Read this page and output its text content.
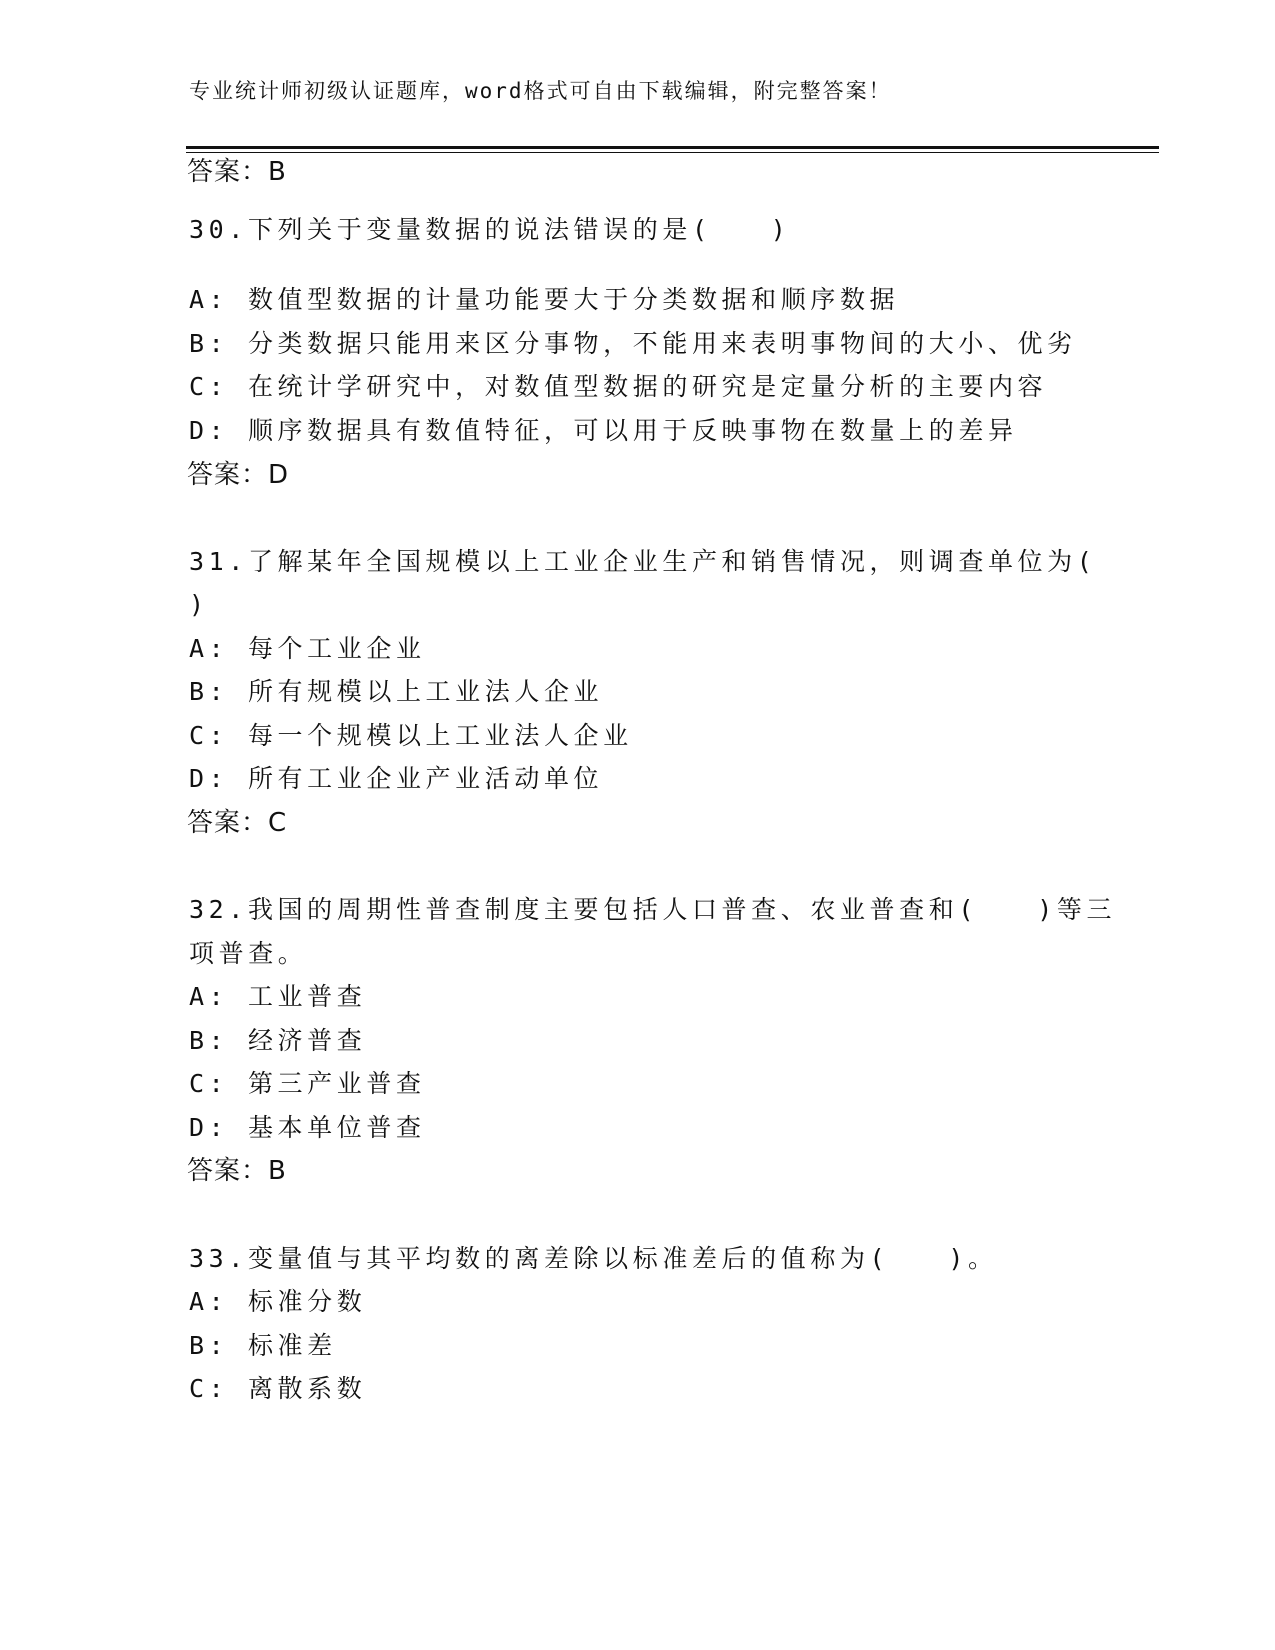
专业统计师初级认证题库，word格式可自由下载编辑，附完整答案！
答案：B
30.下列关于变量数据的说法错误的是(　　)
A: 数值型数据的计量功能要大于分类数据和顺序数据
B: 分类数据只能用来区分事物，不能用来表明事物间的大小、优劣
C: 在统计学研究中，对数值型数据的研究是定量分析的主要内容
D: 顺序数据具有数值特征，可以用于反映事物在数量上的差异
答案：D
31.了解某年全国规模以上工业企业生产和销售情况，则调查单位为(
)
A: 每个工业企业
B: 所有规模以上工业法人企业
C: 每一个规模以上工业法人企业
D: 所有工业企业产业活动单位
答案：C
32.我国的周期性普查制度主要包括人口普查、农业普查和(　　)等三
项普查。
A: 工业普查
B: 经济普查
C: 第三产业普查
D: 基本单位普查
答案：B
33.变量值与其平均数的离差除以标准差后的值称为(　　)。
A: 标准分数
B: 标准差
C: 离散系数
